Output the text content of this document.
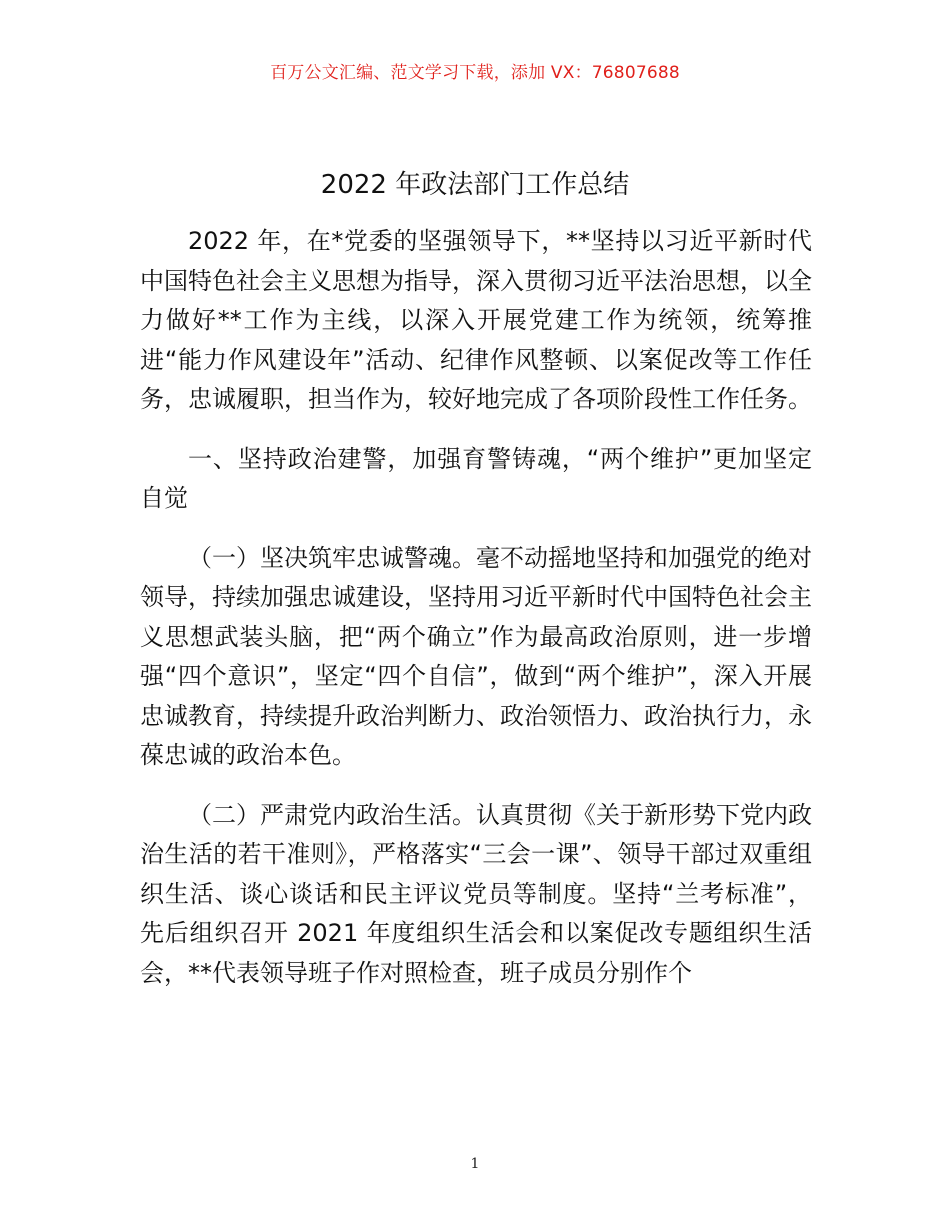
百万公文汇编、范文学习下载，添加 VX：76807688
2022 年政法部门工作总结

2022 年，在*党委的坚强领导下，**坚持以习近平新时代中国特色社会主义思想为指导，深入贯彻习近平法治思想，以全力做好**工作为主线，以深入开展党建工作为统领，统筹推进“能力作风建设年”活动、纪律作风整顿、以案促改等工作任务，忠诚履职，担当作为，较好地完成了各项阶段性工作任务。

一、坚持政治建警，加强育警铸魂，“两个维护”更加坚定自觉

（一）坚决筑牢忠诚警魂。毫不动摇地坚持和加强党的绝对领导，持续加强忠诚建设，坚持用习近平新时代中国特色社会主义思想武装头脑，把“两个确立”作为最高政治原则，进一步增强“四个意识”，坚定“四个自信”，做到“两个维护”，深入开展忠诚教育，持续提升政治判断力、政治领悟力、政治执行力，永葆忠诚的政治本色。

（二）严肃党内政治生活。认真贯彻《关于新形势下党内政治生活的若干准则》，严格落实“三会一课”、领导干部过双重组织生活、谈心谈话和民主评议党员等制度。坚持“兰考标准”，先后组织召开 2021 年度组织生活会和以案促改专题组织生活会，**代表领导班子作对照检查，班子成员分别作个

1
